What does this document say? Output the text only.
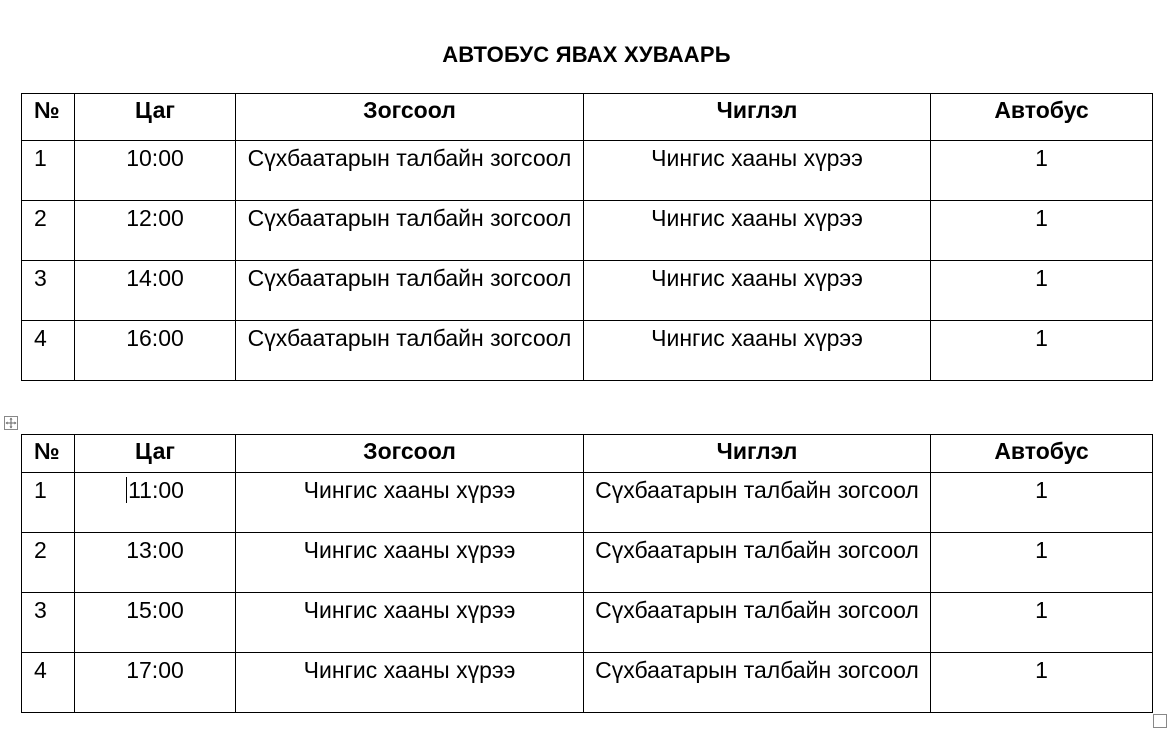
АВТОБУС ЯВАХ ХУВААРЬ
№	Цаг	Зогсоол	Чиглэл	Автобус
1	10:00	Сүхбаатарын талбайн зогсоол	Чингис хааны хүрээ	1
2	12:00	Сүхбаатарын талбайн зогсоол	Чингис хааны хүрээ	1
3	14:00	Сүхбаатарын талбайн зогсоол	Чингис хааны хүрээ	1
4	16:00	Сүхбаатарын талбайн зогсоол	Чингис хааны хүрээ	1
№	Цаг	Зогсоол	Чиглэл	Автобус
1	11:00	Чингис хааны хүрээ	Сүхбаатарын талбайн зогсоол	1
2	13:00	Чингис хааны хүрээ	Сүхбаатарын талбайн зогсоол	1
3	15:00	Чингис хааны хүрээ	Сүхбаатарын талбайн зогсоол	1
4	17:00	Чингис хааны хүрээ	Сүхбаатарын талбайн зогсоол	1
